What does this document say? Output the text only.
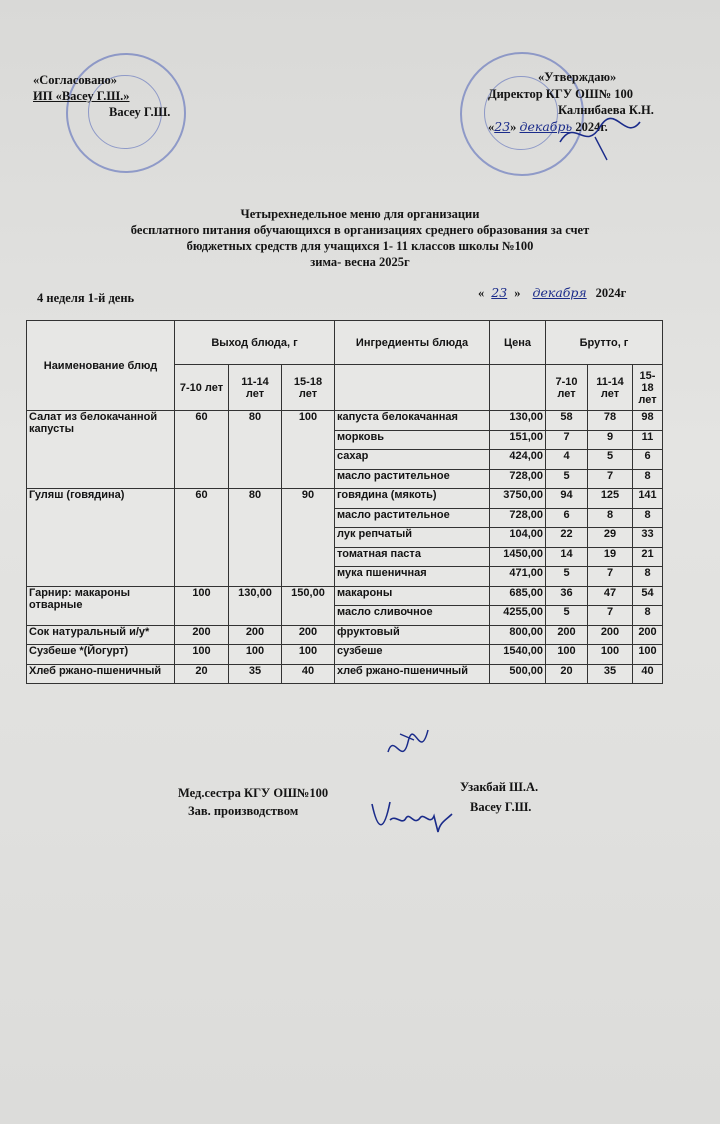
«Согласовано»
ИП «Васеу Г.Ш.»
Васеу Г.Ш.
«Утверждаю»
Директор КГУ ОШ№ 100
Калнибаева К.Н.
«23» декабрь 2024г.
Четырехнедельное меню для организации
бесплатного питания обучающихся в организациях среднего образования за счет
бюджетных средств для учащихся 1- 11 классов школы №100
зима- весна 2025г
4 неделя 1-й день	« 23 » декабря 2024г
Наименование блюд	Выход блюда, г			Ингредиенты блюда	Цена	Брутто, г		
	7-10 лет	11-14 лет	15-18 лет			7-10 лет	11-14 лет	15-18 лет
Салат из белокачанной капусты	60	80	100	капуста белокачанная	130,00	58	78	98
				морковь	151,00	7	9	11
				сахар	424,00	4	5	6
				масло растительное	728,00	5	7	8
Гуляш (говядина)	60	80	90	говядина (мякоть)	3750,00	94	125	141
				масло растительное	728,00	6	8	8
				лук репчатый	104,00	22	29	33
				томатная паста	1450,00	14	19	21
				мука пшеничная	471,00	5	7	8
Гарнир: макароны отварные	100	130,00	150,00	макароны	685,00	36	47	54
				масло сливочное	4255,00	5	7	8
Сок натуральный и/у*	200	200	200	фруктовый	800,00	200	200	200
Сузбеше *(Йогурт)	100	100	100	сузбеше	1540,00	100	100	100
Хлеб ржано-пшеничный	20	35	40	хлеб ржано-пшеничный	500,00	20	35	40
Мед.сестра КГУ ОШ№100	Узакбай Ш.А.
Зав. производством	Васеу Г.Ш.
